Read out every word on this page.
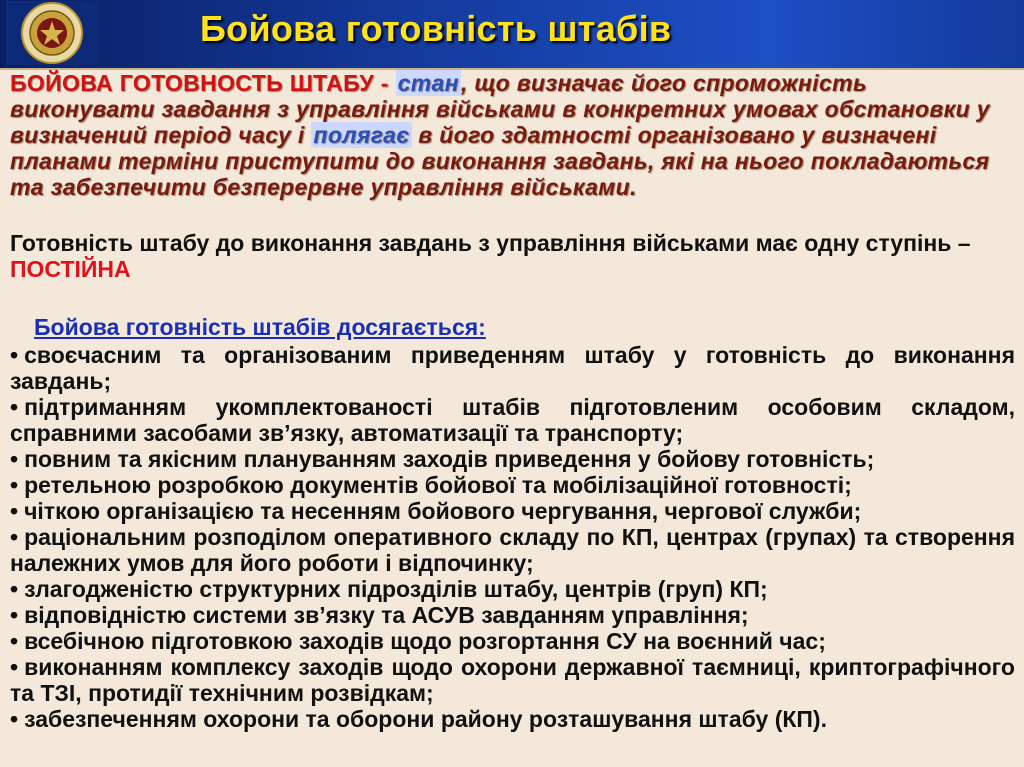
Бойова готовність штабів
БОЙОВА ГОТОВНОСТЬ ШТАБУ - стан, що визначає його спроможність виконувати завдання з управління військами в конкретних умовах обстановки у визначений період часу і полягає в його здатності організовано у визначені планами терміни приступити до виконання завдань, які на нього покладаються та забезпечити безперервне управління військами.
Готовність штабу до виконання завдань з управління військами має одну ступінь – ПОСТІЙНА
Бойова готовність штабів досягається:
• своєчасним та організованим приведенням штабу у готовність до виконання завдань;
• підтриманням укомплектованості штабів підготовленим особовим складом, справними засобами зв’язку, автоматизації та транспорту;
• повним та якісним плануванням заходів приведення у бойову готовність;
• ретельною розробкою документів бойової та мобілізаційної готовності;
• чіткою організацією та несенням бойового чергування, чергової служби;
• раціональним розподілом оперативного складу по КП, центрах (групах) та створення належних умов для його роботи і відпочинку;
• злагодженістю структурних підрозділів штабу, центрів (груп) КП;
• відповідністю системи зв’язку та АСУВ завданням управління;
• всебічною підготовкою заходів щодо розгортання СУ на воєнний час;
• виконанням комплексу заходів щодо охорони державної таємниці, криптографічного та ТЗІ, протидії технічним розвідкам;
• забезпеченням охорони та оборони району розташування штабу (КП).
